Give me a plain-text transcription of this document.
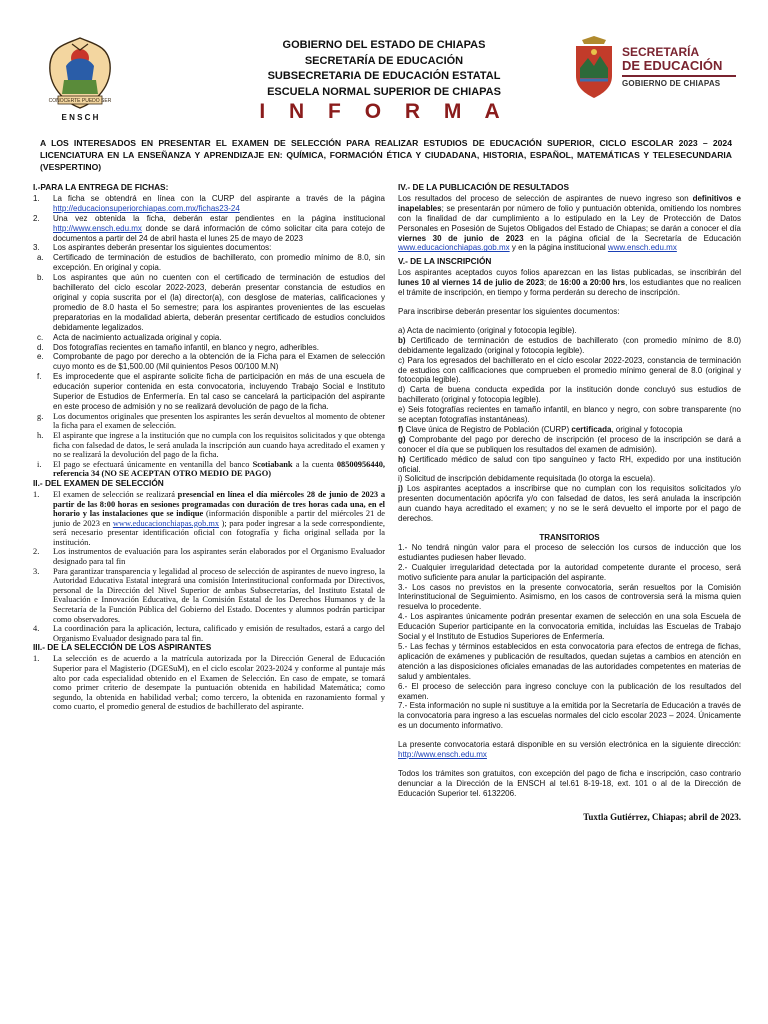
CONOCERTE PUEDO SER
E N S C H
SECRETARÍA
DE EDUCACIÓN
GOBIERNO DE CHIAPAS
GOBIERNO DEL ESTADO DE CHIAPAS
SECRETARÍA DE EDUCACIÓN
SUBSECRETARIA DE EDUCACIÓN ESTATAL
ESCUELA NORMAL SUPERIOR DE CHIAPAS
I N F O R M A
A LOS INTERESADOS EN PRESENTAR EL EXAMEN DE SELECCIÓN PARA REALIZAR ESTUDIOS DE EDUCACIÓN SUPERIOR, CICLO ESCOLAR 2023 – 2024 LICENCIATURA EN LA ENSEÑANZA Y APRENDIZAJE EN: QUÍMICA, FORMACIÓN ÉTICA Y CIUDADANA, HISTORIA, ESPAÑOL, MATEMÁTICAS Y TELESECUNDARIA (VESPERTINO)
I.-PARA LA ENTREGA DE FICHAS:
1.	La ficha se obtendrá en línea con la CURP del aspirante a través de la página http://educacionsuperiorchiapas.com.mx/fichas23-24
2.	Una vez obtenida la ficha, deberán estar pendientes en la página institucional http://www.ensch.edu.mx donde se dará información de cómo solicitar cita para cotejo de documentos a partir del 24 de abril hasta el lunes 25 de mayo de 2023
3.	Los aspirantes deberán presentar los siguientes documentos:
a.	Certificado de terminación de estudios de bachillerato, con promedio mínimo de 8.0, sin excepción. En original y copia.
b.	Los aspirantes que aún no cuenten con el certificado de terminación de estudios del bachillerato del ciclo escolar 2022-2023, deberán presentar constancia de estudios en original y copia suscrita por el (la) director(a), con desglose de materias, calificaciones y promedio de 8.0 hasta el 5o semestre; para los aspirantes provenientes de las escuelas preparatorias en la modalidad abierta, deberán presentar certificado de estudios concluidos debidamente legalizados.
c.	Acta de nacimiento actualizada original y copia.
d.	Dos fotografías recientes en tamaño infantil, en blanco y negro, adheribles.
e.	Comprobante de pago por derecho a la obtención de la Ficha para el Examen de selección cuyo monto es de $1,500.00 (Mil quinientos Pesos 00/100 M.N)
f.	Es improcedente que el aspirante solicite ficha de participación en más de una escuela de educación superior contenida en esta convocatoria, incluyendo Trabajo Social e Instituto Superior de Estudios de Enfermería. En tal caso se cancelará la participación del aspirante en este proceso de admisión y no se realizará devolución de pago de la ficha.
g.	Los documentos originales que presenten los aspirantes les serán devueltos al momento de obtener la ficha para el examen de selección.
h.	El aspirante que ingrese a la institución que no cumpla con los requisitos solicitados y que obtenga ficha con falsedad de datos, le será anulada la inscripción aun cuando haya acreditado el examen y no se realizará la devolución del pago de la ficha.
i.	El pago se efectuará únicamente en ventanilla del banco Scotiabank a la cuenta 08500956440, referencia 34 (NO SE ACEPTAN OTRO MEDIO DE PAGO)
II.- DEL EXAMEN DE SELECCIÓN
1.	El examen de selección se realizará presencial en línea el día miércoles 28 de junio de 2023 a partir de las 8:00 horas en sesiones programadas con duración de tres horas cada una, en el horario y las instalaciones que se indique (información disponible a partir del miércoles 21 de junio de 2023 en www.educacionchiapas.gob.mx ); para poder ingresar a la sede correspondiente, será necesario presentar identificación oficial con fotografía y ficha original sellada por la institución.
2.	Los instrumentos de evaluación para los aspirantes serán elaborados por el Organismo Evaluador designado para tal fin
3.	Para garantizar transparencia y legalidad al proceso de selección de aspirantes de nuevo ingreso, la Autoridad Educativa Estatal integrará una comisión Interinstitucional conformada por Directivos, personal de la Dirección del Nivel Superior de ambas Subsecretarías, del Instituto Estatal de Evaluación e Innovación Educativa, de la Comisión Estatal de los Derechos Humanos y de la Secretaría de la Función Pública del Gobierno del Estado. Docentes y alumnos podrán participar como observadores.
4.	La coordinación para la aplicación, lectura, calificado y emisión de resultados, estará a cargo del Organismo Evaluador designado para tal fin.
III.- DE LA SELECCIÓN DE LOS ASPIRANTES
1.	La selección es de acuerdo a la matrícula autorizada por la Dirección General de Educación Superior para el Magisterio (DGESuM), en el ciclo escolar 2023-2024 y conforme al puntaje más alto por cada especialidad obtenido en el Examen de Selección. En caso de empate, se tomará como primer criterio de desempate la puntuación obtenida en habilidad Matemática; como segundo, la obtenida en habilidad verbal; como tercero, la obtenida en razonamiento formal y como cuarto, el promedio general de estudios de bachillerato del aspirante.
IV.- DE LA PUBLICACIÓN DE RESULTADOS

Los resultados del proceso de selección de aspirantes de nuevo ingreso son definitivos e inapelables; se presentarán por número de folio y puntuación obtenida, omitiendo los nombres con la finalidad de dar cumplimiento a lo estipulado en la Ley de Protección de Datos Personales en Posesión de Sujetos Obligados del Estado de Chiapas; se darán a conocer el día viernes 30 de junio de 2023 en la página oficial de la Secretaría de Educación www.educacionchiapas.gob.mx y en la página institucional www.ensch.edu.mx

V.- DE LA INSCRIPCIÓN

Los aspirantes aceptados cuyos folios aparezcan en las listas publicadas, se inscribirán del lunes 10 al viernes 14 de julio de 2023; de 16:00 a 20:00 hrs, los estudiantes que no realicen el trámite de inscripción, en tiempo y forma perderán su derecho de inscripción.

Para inscribirse deberán presentar los siguientes documentos:

a) Acta de nacimiento (original y fotocopia legible).

b) Certificado de terminación de estudios de bachillerato (con promedio mínimo de 8.0) debidamente legalizado (original y fotocopia legible).

c) Para los egresados del bachillerato en el ciclo escolar 2022-2023, constancia de terminación de estudios con calificaciones que comprueben el promedio mínimo general de 8.0 (original y fotocopia legible).

d) Carta de buena conducta expedida por la institución donde concluyó sus estudios de bachillerato (original y fotocopia legible).

e) Seis fotografías recientes en tamaño infantil, en blanco y negro, con sobre transparente (no se aceptan fotografías instantáneas).

f) Clave única de Registro de Población (CURP) certificada, original y fotocopia

g) Comprobante del pago por derecho de inscripción (el proceso de la inscripción se dará a conocer el día que se publiquen los resultados del examen de admisión).

h) Certificado médico de salud con tipo sanguíneo y facto RH, expedido por una institución oficial.

i) Solicitud de inscripción debidamente requisitada (lo otorga la escuela).

j) Los aspirantes aceptados a inscribirse que no cumplan con los requisitos solicitados y/o presenten documentación apócrifa y/o con falsedad de datos, les será anulada la inscripción aun cuando haya acreditado el examen; y no se le será devuelto el importe por el pago de derechos.

TRANSITORIOS

1.- No tendrá ningún valor para el proceso de selección los cursos de inducción que los estudiantes pudiesen haber llevado.

2.- Cualquier irregularidad detectada por la autoridad competente durante el proceso, será motivo suficiente para anular la participación del aspirante.

3.- Los casos no previstos en la presente convocatoria, serán resueltos por la Comisión Interinstitucional de Seguimiento. Asimismo, en los casos de controversia será la misma quien resuelva lo procedente.

4.- Los aspirantes únicamente podrán presentar examen de selección en una sola Escuela de Educación Superior participante en la convocatoria emitida, incluidas las Escuelas de Trabajo Social y el Instituto de Estudios Superiores de Enfermería.

5.- Las fechas y términos establecidos en esta convocatoria para efectos de entrega de fichas, aplicación de exámenes y publicación de resultados, quedan sujetas a cambios en atención en atención a las disposiciones oficiales emanadas de las autoridades competentes en materias de salud y ambientales.

6.- El proceso de selección para ingreso concluye con la publicación de los resultados del examen.

7.- Esta información no suple ni sustituye a la emitida por la Secretaría de Educación a través de la convocatoria para ingreso a las escuelas normales del ciclo escolar 2023 – 2024. Únicamente es un documento informativo.

La presente convocatoria estará disponible en su versión electrónica en la siguiente dirección: http://www.ensch.edu.mx

Todos los trámites son gratuitos, con excepción del pago de ficha e inscripción, caso contrario denunciar a la Dirección de la ENSCH al tel.61 8-19-18, ext. 101 o al de la Dirección de Educación Superior tel. 6132206.

Tuxtla Gutiérrez, Chiapas; abril de 2023.
